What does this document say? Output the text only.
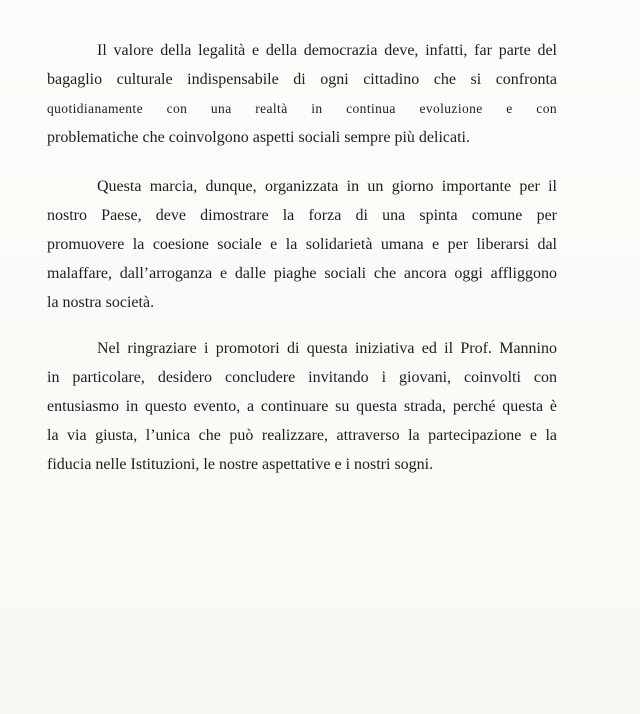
Il valore della legalità e della democrazia deve, infatti, far parte del
bagaglio culturale indispensabile di ogni cittadino che si confronta
quotidianamente con una realtà in continua evoluzione e con
problematiche che coinvolgono aspetti sociali sempre più delicati.
Questa marcia, dunque, organizzata in un giorno importante per il
nostro Paese, deve dimostrare la forza di una spinta comune per
promuovere la coesione sociale e la solidarietà umana e per liberarsi dal
malaffare, dall’arroganza e dalle piaghe sociali che ancora oggi affliggono
la nostra società.
Nel ringraziare i promotori di questa iniziativa ed il Prof. Mannino
in particolare, desidero concludere invitando i giovani, coinvolti con
entusiasmo in questo evento, a continuare su questa strada, perché questa è
la via giusta, l’unica che può realizzare, attraverso la partecipazione e la
fiducia nelle Istituzioni, le nostre aspettative e i nostri sogni.
